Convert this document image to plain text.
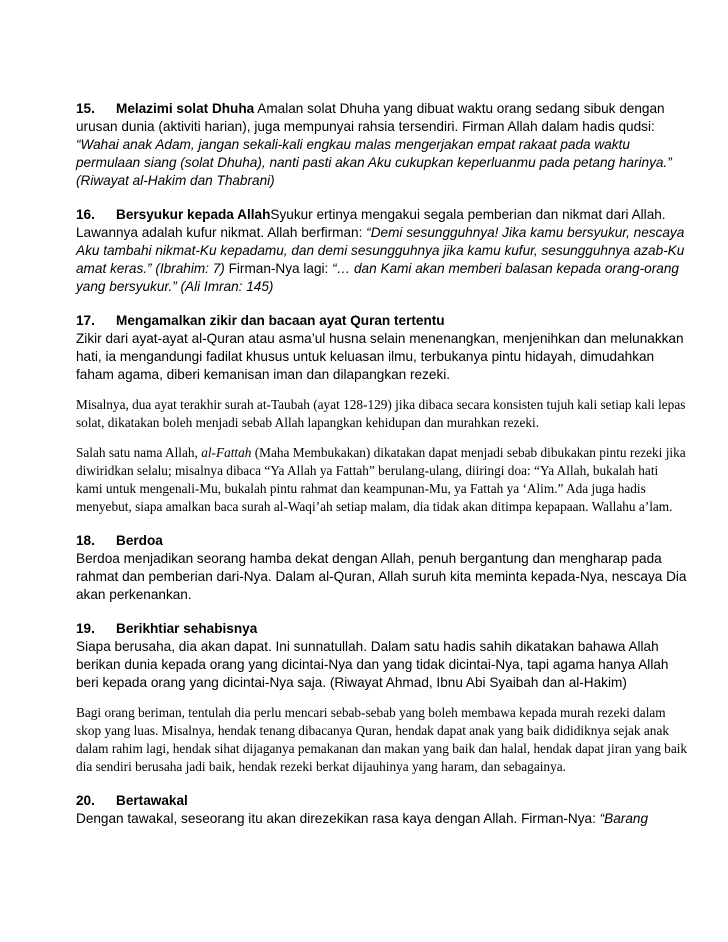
15. Melazimi solat Dhuha Amalan solat Dhuha yang dibuat waktu orang sedang sibuk dengan urusan dunia (aktiviti harian), juga mempunyai rahsia tersendiri. Firman Allah dalam hadis qudsi: “Wahai anak Adam, jangan sekali-kali engkau malas mengerjakan empat rakaat pada waktu permulaan siang (solat Dhuha), nanti pasti akan Aku cukupkan keperluanmu pada petang harinya.” (Riwayat al-Hakim dan Thabrani)

16. Bersyukur kepada AllahSyukur ertinya mengakui segala pemberian dan nikmat dari Allah. Lawannya adalah kufur nikmat. Allah berfirman: “Demi sesungguhnya! Jika kamu bersyukur, nescaya Aku tambahi nikmat-Ku kepadamu, dan demi sesungguhnya jika kamu kufur, sesungguhnya azab-Ku amat keras.” (Ibrahim: 7) Firman-Nya lagi: “… dan Kami akan memberi balasan kepada orang-orang yang bersyukur.” (Ali Imran: 145)

17. Mengamalkan zikir dan bacaan ayat Quran tertentu

Zikir dari ayat-ayat al-Quran atau asma’ul husna selain menenangkan, menjenihkan dan melunakkan hati, ia mengandungi fadilat khusus untuk keluasan ilmu, terbukanya pintu hidayah, dimudahkan faham agama, diberi kemanisan iman dan dilapangkan rezeki.

Misalnya, dua ayat terakhir surah at-Taubah (ayat 128-129) jika dibaca secara konsisten tujuh kali setiap kali lepas solat, dikatakan boleh menjadi sebab Allah lapangkan kehidupan dan murahkan rezeki.

Salah satu nama Allah, al-Fattah (Maha Membukakan) dikatakan dapat menjadi sebab dibukakan pintu rezeki jika diwiridkan selalu; misalnya dibaca “Ya Allah ya Fattah” berulang-ulang, diiringi doa: “Ya Allah, bukalah hati kami untuk mengenali-Mu, bukalah pintu rahmat dan keampunan-Mu, ya Fattah ya ‘Alim.” Ada juga hadis menyebut, siapa amalkan baca surah al-Waqi’ah setiap malam, dia tidak akan ditimpa kepapaan. Wallahu a’lam.

18. Berdoa

Berdoa menjadikan seorang hamba dekat dengan Allah, penuh bergantung dan mengharap pada rahmat dan pemberian dari-Nya. Dalam al-Quran, Allah suruh kita meminta kepada-Nya, nescaya Dia akan perkenankan.

19. Berikhtiar sehabisnya

Siapa berusaha, dia akan dapat. Ini sunnatullah. Dalam satu hadis sahih dikatakan bahawa Allah berikan dunia kepada orang yang dicintai-Nya dan yang tidak dicintai-Nya, tapi agama hanya Allah beri kepada orang yang dicintai-Nya saja. (Riwayat Ahmad, Ibnu Abi Syaibah dan al-Hakim)

Bagi orang beriman, tentulah dia perlu mencari sebab-sebab yang boleh membawa kepada murah rezeki dalam skop yang luas. Misalnya, hendak tenang dibacanya Quran, hendak dapat anak yang baik dididiknya sejak anak dalam rahim lagi, hendak sihat dijaganya pemakanan dan makan yang baik dan halal, hendak dapat jiran yang baik dia sendiri berusaha jadi baik, hendak rezeki berkat dijauhinya yang haram, dan sebagainya.

20. Bertawakal

Dengan tawakal, seseorang itu akan direzekikan rasa kaya dengan Allah. Firman-Nya: “Barang
